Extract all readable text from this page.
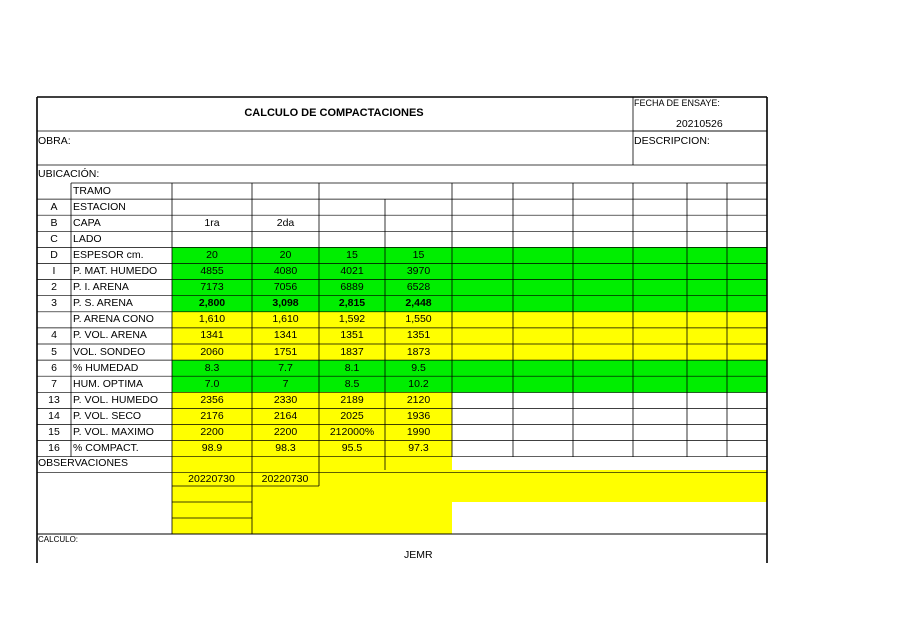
CALCULO DE COMPACTACIONES
FECHA DE ENSAYE:
20210526
OBRA:	DESCRIPCION:
UBICACIÓN:
TRAMO
A	ESTACION
B	CAPA	1ra	2da
C	LADO
D	ESPESOR cm.	20	20	15	15
I	P. MAT. HUMEDO	4855	4080	4021	3970
2	P. I. ARENA	7173	7056	6889	6528
3	P. S. ARENA	2,800	3,098	2,815	2,448
P. ARENA CONO	1,610	1,610	1,592	1,550
4	P. VOL. ARENA	1341	1341	1351	1351
5	VOL. SONDEO	2060	1751	1837	1873
6	% HUMEDAD	8.3	7.7	8.1	9.5
7	HUM. OPTIMA	7.0	7	8.5	10.2
13	P. VOL. HUMEDO	2356	2330	2189	2120
14	P. VOL. SECO	2176	2164	2025	1936
15	P. VOL. MAXIMO	2200	2200	212000%	1990
16	% COMPACT.	98.9	98.3	95.5	97.3
OBSERVACIONES
20220730	20220730
CALCULO:
JEMR
